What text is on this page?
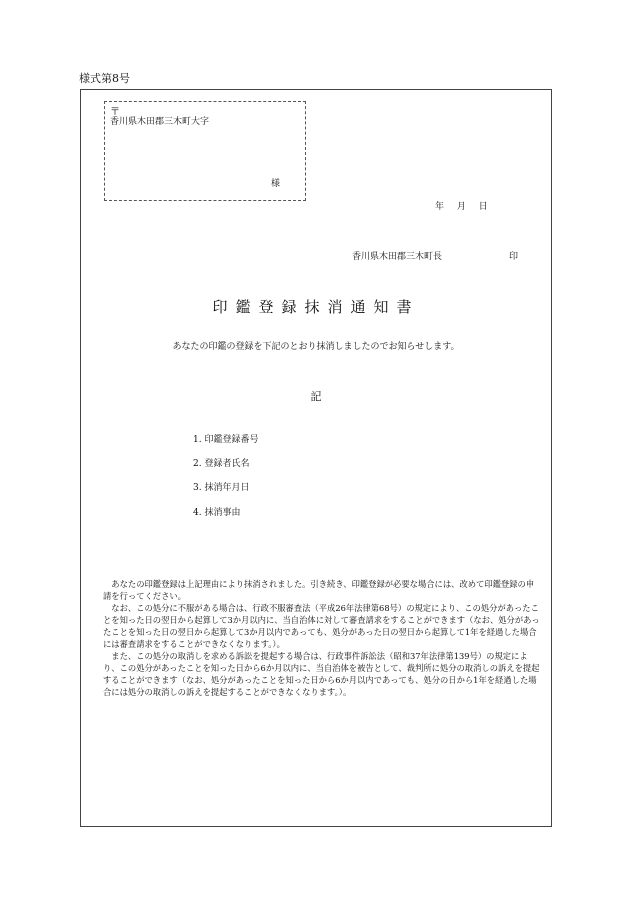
様式第8号
〒
香川県木田郡三木町大字
様
年 月 日
香川県木田郡三木町長	印
印鑑登録抹消通知書
あなたの印鑑の登録を下記のとおり抹消しましたのでお知らせします。
記
1. 印鑑登録番号
2. 登録者氏名
3. 抹消年月日
4. 抹消事由

あなたの印鑑登録は上記理由により抹消されました。引き続き、印鑑登録が必要な場合には、改めて印鑑登録の申請を行ってください。

なお、この処分に不服がある場合は、行政不服審査法（平成26年法律第68号）の規定により、この処分があったことを知った日の翌日から起算して3か月以内に、当自治体に対して審査請求をすることができます（なお、処分があったことを知った日の翌日から起算して3か月以内であっても、処分があった日の翌日から起算して1年を経過した場合には審査請求をすることができなくなります。）。

また、この処分の取消しを求める訴訟を提起する場合は、行政事件訴訟法（昭和37年法律第139号）の規定により、この処分があったことを知った日から6か月以内に、当自治体を被告として、裁判所に処分の取消しの訴えを提起することができます（なお、処分があったことを知った日から6か月以内であっても、処分の日から1年を経過した場合には処分の取消しの訴えを提起することができなくなります。）。
